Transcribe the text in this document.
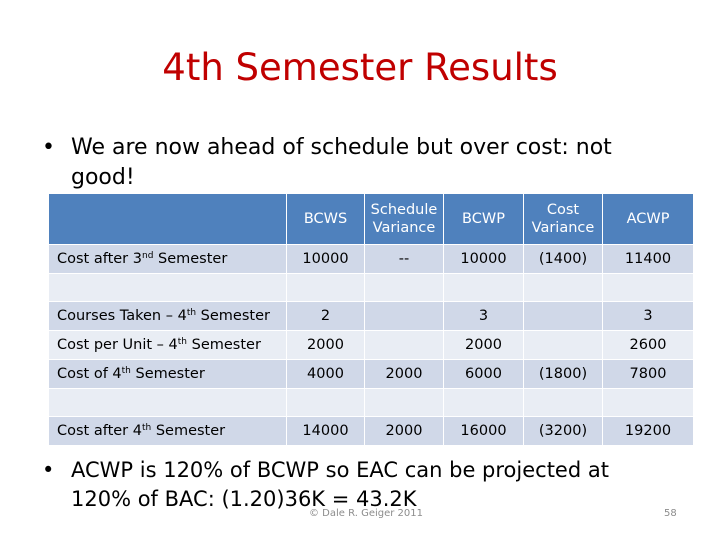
4th Semester Results
• We are now ahead of schedule but over cost: not good!
	BCWS	Schedule Variance	BCWP	Cost Variance	ACWP
Cost after 3nd Semester	10000	--	10000	(1400)	11400

Courses Taken – 4th Semester	2		3		3
Cost per Unit – 4th Semester	2000		2000		2600
Cost of 4th Semester	4000	2000	6000	(1800)	7800

Cost after 4th Semester	14000	2000	16000	(3200)	19200
• ACWP is 120% of BCWP so EAC can be projected at 120% of BAC: (1.20)36K = 43.2K
© Dale R. Geiger 2011	58
